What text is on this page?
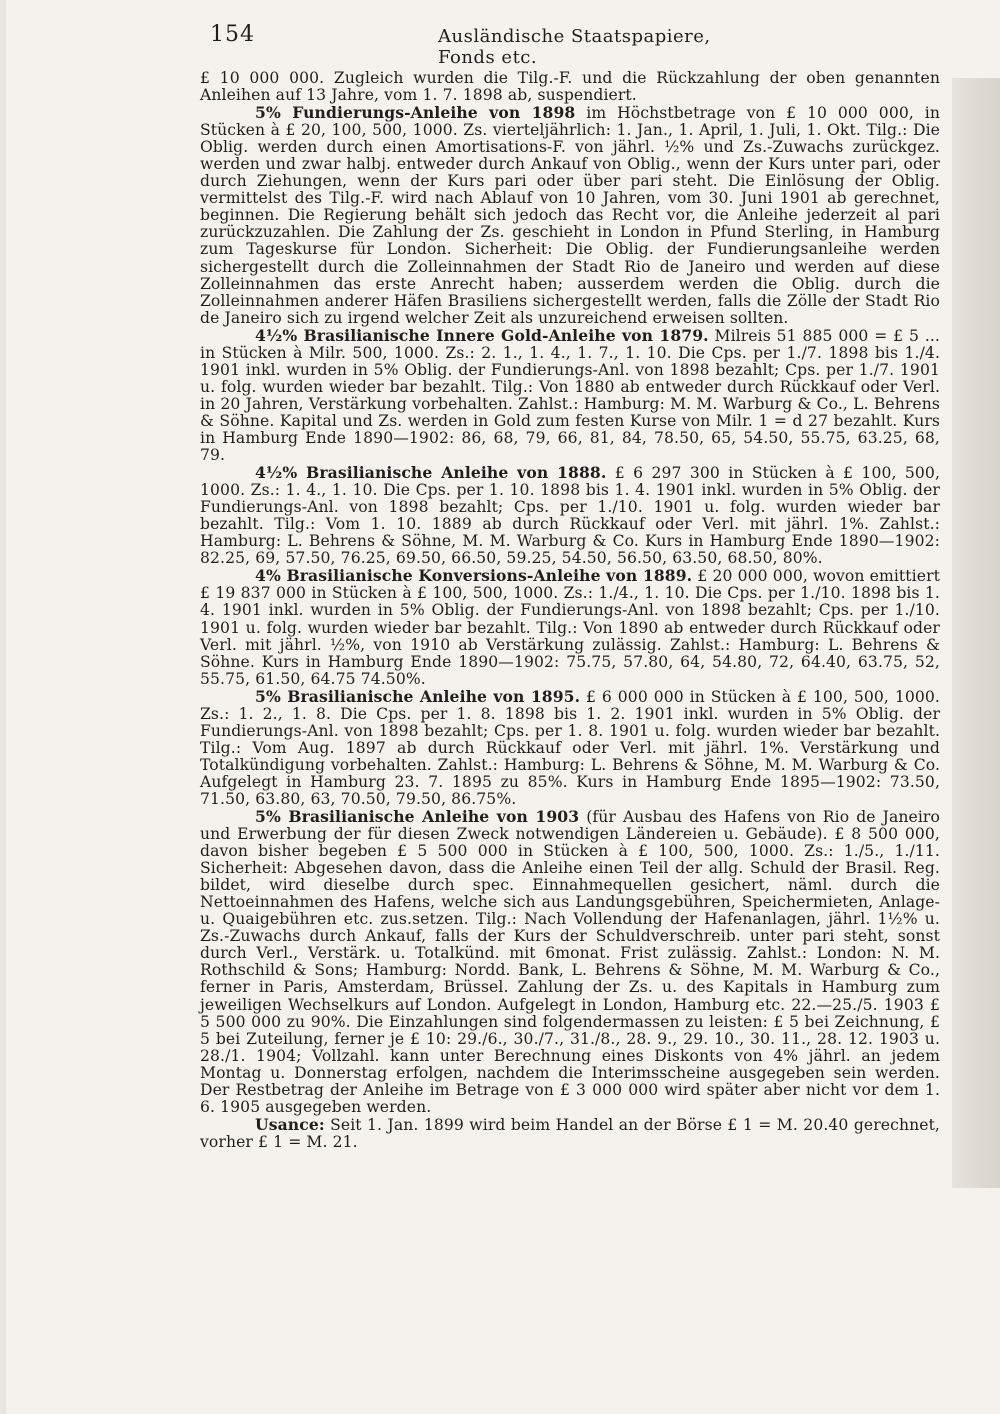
154	Ausländische Staatspapiere, Fonds etc.

£ 10 000 000. Zugleich wurden die Tilg.-F. und die Rückzahlung der oben genannten Anleihen auf 13 Jahre, vom 1. 7. 1898 ab, suspendiert.

5% Fundierungs-Anleihe von 1898 im Höchstbetrage von £ 10 000 000, in Stücken à £ 20, 100, 500, 1000. Zs. vierteljährlich: 1. Jan., 1. April, 1. Juli, 1. Okt. Tilg.: Die Oblig. werden durch einen Amortisations-F. von jährl. ½% und Zs.-Zuwachs zurückgez. werden und zwar halbj. entweder durch Ankauf von Oblig., wenn der Kurs unter pari, oder durch Ziehungen, wenn der Kurs pari oder über pari steht. Die Einlösung der Oblig. vermittelst des Tilg.-F. wird nach Ablauf von 10 Jahren, vom 30. Juni 1901 ab gerechnet, beginnen. Die Regierung behält sich jedoch das Recht vor, die Anleihe jederzeit al pari zurückzuzahlen. Die Zahlung der Zs. geschieht in London in Pfund Sterling, in Hamburg zum Tageskurse für London. Sicherheit: Die Oblig. der Fundierungsanleihe werden sichergestellt durch die Zolleinnahmen der Stadt Rio de Janeiro und werden auf diese Zolleinnahmen das erste Anrecht haben; ausserdem werden die Oblig. durch die Zolleinnahmen anderer Häfen Brasiliens sichergestellt werden, falls die Zölle der Stadt Rio de Janeiro sich zu irgend welcher Zeit als unzureichend erweisen sollten.

4½% Brasilianische Innere Gold-Anleihe von 1879. Milreis 51 885 000 = £ 5 ... in Stücken à Milr. 500, 1000. Zs.: 2. 1., 1. 4., 1. 7., 1. 10. Die Cps. per 1./7. 1898 bis 1./4. 1901 inkl. wurden in 5% Oblig. der Fundierungs-Anl. von 1898 bezahlt; Cps. per 1./7. 1901 u. folg. wurden wieder bar bezahlt. Tilg.: Von 1880 ab entweder durch Rückkauf oder Verl. in 20 Jahren, Verstärkung vorbehalten. Zahlst.: Hamburg: M. M. Warburg & Co., L. Behrens & Söhne. Kapital und Zs. werden in Gold zum festen Kurse von Milr. 1 = d 27 bezahlt. Kurs in Hamburg Ende 1890—1902: 86, 68, 79, 66, 81, 84, 78.50, 65, 54.50, 55.75, 63.25, 68, 79.

4½% Brasilianische Anleihe von 1888. £ 6 297 300 in Stücken à £ 100, 500, 1000. Zs.: 1. 4., 1. 10. Die Cps. per 1. 10. 1898 bis 1. 4. 1901 inkl. wurden in 5% Oblig. der Fundierungs-Anl. von 1898 bezahlt; Cps. per 1./10. 1901 u. folg. wurden wieder bar bezahlt. Tilg.: Vom 1. 10. 1889 ab durch Rückkauf oder Verl. mit jährl. 1%. Zahlst.: Hamburg: L. Behrens & Söhne, M. M. Warburg & Co. Kurs in Hamburg Ende 1890—1902: 82.25, 69, 57.50, 76.25, 69.50, 66.50, 59.25, 54.50, 56.50, 63.50, 68.50, 80%.

4% Brasilianische Konversions-Anleihe von 1889. £ 20 000 000, wovon emittiert £ 19 837 000 in Stücken à £ 100, 500, 1000. Zs.: 1./4., 1. 10. Die Cps. per 1./10. 1898 bis 1. 4. 1901 inkl. wurden in 5% Oblig. der Fundierungs-Anl. von 1898 bezahlt; Cps. per 1./10. 1901 u. folg. wurden wieder bar bezahlt. Tilg.: Von 1890 ab entweder durch Rückkauf oder Verl. mit jährl. ½%, von 1910 ab Verstärkung zulässig. Zahlst.: Hamburg: L. Behrens & Söhne. Kurs in Hamburg Ende 1890—1902: 75.75, 57.80, 64, 54.80, 72, 64.40, 63.75, 52, 55.75, 61.50, 64.75 74.50%.

5% Brasilianische Anleihe von 1895. £ 6 000 000 in Stücken à £ 100, 500, 1000. Zs.: 1. 2., 1. 8. Die Cps. per 1. 8. 1898 bis 1. 2. 1901 inkl. wurden in 5% Oblig. der Fundierungs-Anl. von 1898 bezahlt; Cps. per 1. 8. 1901 u. folg. wurden wieder bar bezahlt. Tilg.: Vom Aug. 1897 ab durch Rückkauf oder Verl. mit jährl. 1%. Verstärkung und Totalkündigung vorbehalten. Zahlst.: Hamburg: L. Behrens & Söhne, M. M. Warburg & Co. Aufgelegt in Hamburg 23. 7. 1895 zu 85%. Kurs in Hamburg Ende 1895—1902: 73.50, 71.50, 63.80, 63, 70.50, 79.50, 86.75%.

5% Brasilianische Anleihe von 1903 (für Ausbau des Hafens von Rio de Janeiro und Erwerbung der für diesen Zweck notwendigen Ländereien u. Gebäude). £ 8 500 000, davon bisher begeben £ 5 500 000 in Stücken à £ 100, 500, 1000. Zs.: 1./5., 1./11. Sicherheit: Abgesehen davon, dass die Anleihe einen Teil der allg. Schuld der Brasil. Reg. bildet, wird dieselbe durch spec. Einnahmequellen gesichert, näml. durch die Nettoeinnahmen des Hafens, welche sich aus Landungsgebühren, Speichermieten, Anlage- u. Quaigebühren etc. zus.setzen. Tilg.: Nach Vollendung der Hafenanlagen, jährl. 1½% u. Zs.-Zuwachs durch Ankauf, falls der Kurs der Schuldverschreib. unter pari steht, sonst durch Verl., Verstärk. u. Totalkünd. mit 6monat. Frist zulässig. Zahlst.: London: N. M. Rothschild & Sons; Hamburg: Nordd. Bank, L. Behrens & Söhne, M. M. Warburg & Co., ferner in Paris, Amsterdam, Brüssel. Zahlung der Zs. u. des Kapitals in Hamburg zum jeweiligen Wechselkurs auf London. Aufgelegt in London, Hamburg etc. 22.—25./5. 1903 £ 5 500 000 zu 90%. Die Einzahlungen sind folgendermassen zu leisten: £ 5 bei Zeichnung, £ 5 bei Zuteilung, ferner je £ 10: 29./6., 30./7., 31./8., 28. 9., 29. 10., 30. 11., 28. 12. 1903 u. 28./1. 1904; Vollzahl. kann unter Berechnung eines Diskonts von 4% jährl. an jedem Montag u. Donnerstag erfolgen, nachdem die Interimsscheine ausgegeben sein werden. Der Restbetrag der Anleihe im Betrage von £ 3 000 000 wird später aber nicht vor dem 1. 6. 1905 ausgegeben werden.

Usance: Seit 1. Jan. 1899 wird beim Handel an der Börse £ 1 = M. 20.40 gerechnet, vorher £ 1 = M. 21.
